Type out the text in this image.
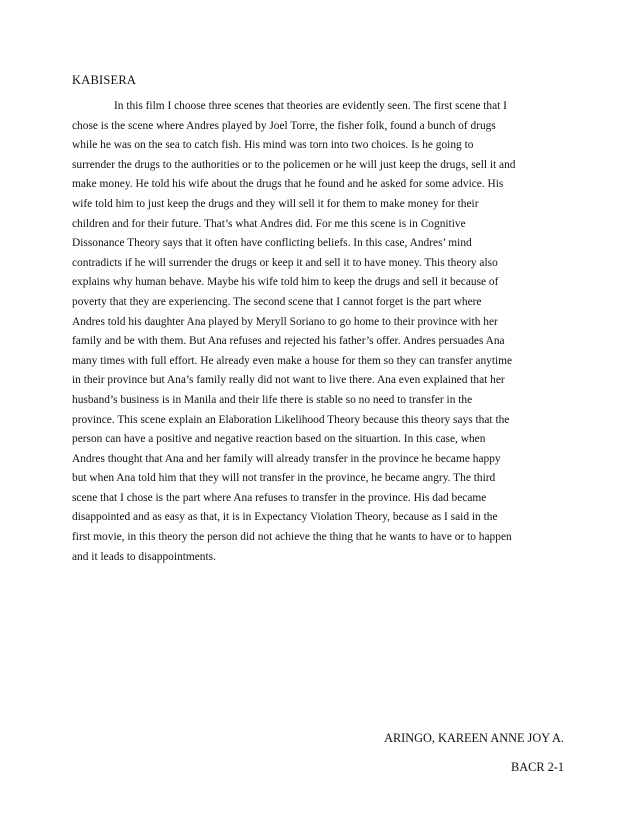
KABISERA
In this film I choose three scenes that theories are evidently seen. The first scene that I
chose is the scene where Andres played by Joel Torre, the fisher folk, found a bunch of drugs
while he was on the sea to catch fish. His mind was torn into two choices. Is he going to
surrender the drugs to the authorities or to the policemen or he will just keep the drugs, sell it and
make money. He told his wife about the drugs that he found and he asked for some advice. His
wife told him to just keep the drugs and they will sell it for them to make money for their
children and for their future. That’s what Andres did. For me this scene is in Cognitive
Dissonance Theory says that it often have conflicting beliefs. In this case, Andres’ mind
contradicts if he will surrender the drugs or keep it and sell it to have money. This theory also
explains why human behave. Maybe his wife told him to keep the drugs and sell it because of
poverty that they are experiencing. The second scene that I cannot forget is the part where
Andres told his daughter Ana played by Meryll Soriano to go home to their province with her
family and be with them. But Ana refuses and rejected his father’s offer. Andres persuades Ana
many times with full effort. He already even make a house for them so they can transfer anytime
in their province but Ana’s family really did not want to live there. Ana even explained that her
husband’s business is in Manila and their life there is stable so no need to transfer in the
province. This scene explain an Elaboration Likelihood Theory because this theory says that the
person can have a positive and negative reaction based on the situartion. In this case, when
Andres thought that Ana and her family will already transfer in the province he became happy
but when Ana told him that they will not transfer in the province, he became angry. The third
scene that I chose is the part where Ana refuses to transfer in the province. His dad became
disappointed and as easy as that, it is in Expectancy Violation Theory, because as I said in the
first movie, in this theory the person did not achieve the thing that he wants to have or to happen
and it leads to disappointments.
ARINGO, KAREEN ANNE JOY A.
BACR 2-1
